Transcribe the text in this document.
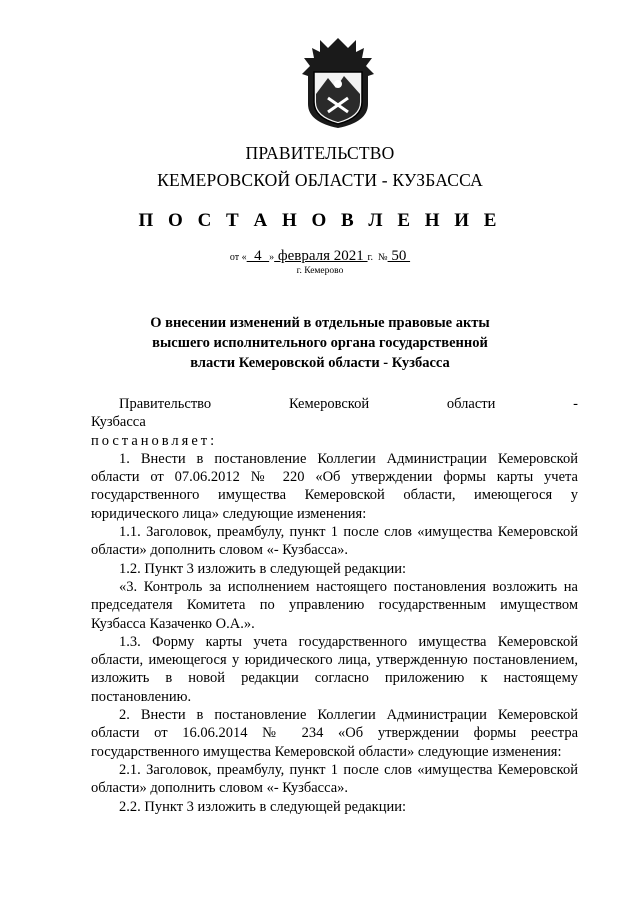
ПРАВИТЕЛЬСТВО
КЕМЕРОВСКОЙ ОБЛАСТИ - КУЗБАССА
П О С Т А Н О В Л Е Н И Е
от «  4  » февраля 2021 г. № 50
г. Кемерово
О внесении изменений в отдельные правовые акты
высшего исполнительного органа государственной
власти Кемеровской области - Кузбасса

Правительство Кемеровской области - Кузбасса

постановляет:

1. Внести в постановление Коллегии Администрации Кемеровской области от 07.06.2012 № 220 «Об утверждении формы карты учета государственного имущества Кемеровской области, имеющегося у юридического лица» следующие изменения:

1.1. Заголовок, преамбулу, пункт 1 после слов «имущества Кемеровской области» дополнить словом «- Кузбасса».

1.2. Пункт 3 изложить в следующей редакции:

«3. Контроль за исполнением настоящего постановления возложить на председателя Комитета по управлению государственным имуществом Кузбасса Казаченко О.А.».

1.3. Форму карты учета государственного имущества Кемеровской области, имеющегося у юридического лица, утвержденную постановлением, изложить в новой редакции согласно приложению к настоящему постановлению.

2. Внести в постановление Коллегии Администрации Кемеровской области от 16.06.2014 № 234 «Об утверждении формы реестра государственного имущества Кемеровской области» следующие изменения:

2.1. Заголовок, преамбулу, пункт 1 после слов «имущества Кемеровской области» дополнить словом «- Кузбасса».

2.2. Пункт 3 изложить в следующей редакции:
